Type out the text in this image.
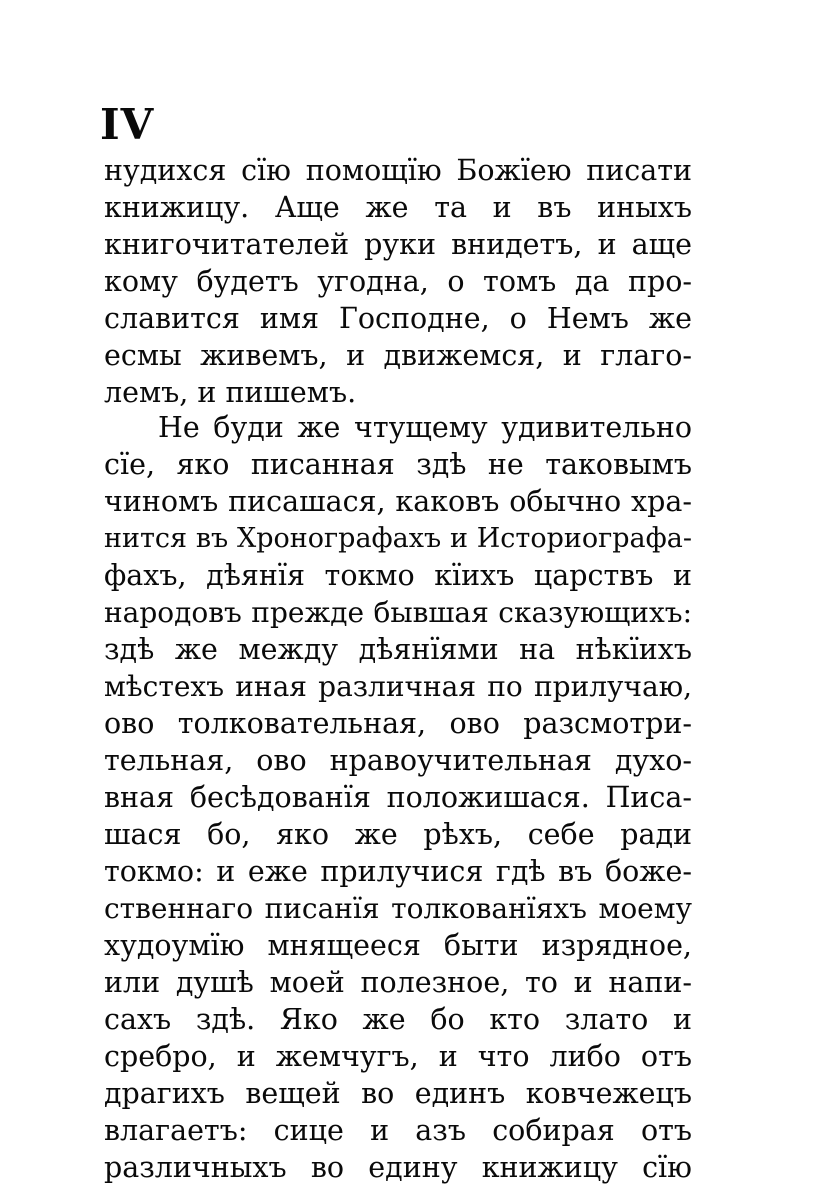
IV
нудихся сїю помощїю Божїею писати
книжицу. Аще же та и въ иныхъ
книгочитателей руки внидетъ, и аще
кому будетъ угодна, о томъ да про-
славится имя Господне, о Немъ же
есмы живемъ, и движемся, и глаго-
лемъ, и пишемъ.
Не буди же чтущему удивительно
сїе, яко писанная здѣ не таковымъ
чиномъ писашася, каковъ обычно хра-
нится въ Хронографахъ и Историографа-
фахъ, дѣянїя токмо кїихъ царствъ и
народовъ прежде бывшая сказующихъ:
здѣ же между дѣянїями на нѣкїихъ
мѣстехъ иная различная по прилучаю,
ово толковательная, ово разсмотри-
тельная, ово нравоучительная духо-
вная бесѣдованїя положишася. Писа-
шася бо, яко же рѣхъ, себе ради
токмо: и еже прилучися гдѣ въ боже-
ственнаго писанїя толкованїяхъ моему
худоумїю мнящееся быти изрядное,
или душѣ моей полезное, то и напи-
сахъ здѣ. Яко же бо кто злато и
сребро, и жемчугъ, и что либо отъ
драгихъ вещей во единъ ковчежецъ
влагаетъ: сице и азъ собирая отъ
различныхъ во едину книжицу сїю
